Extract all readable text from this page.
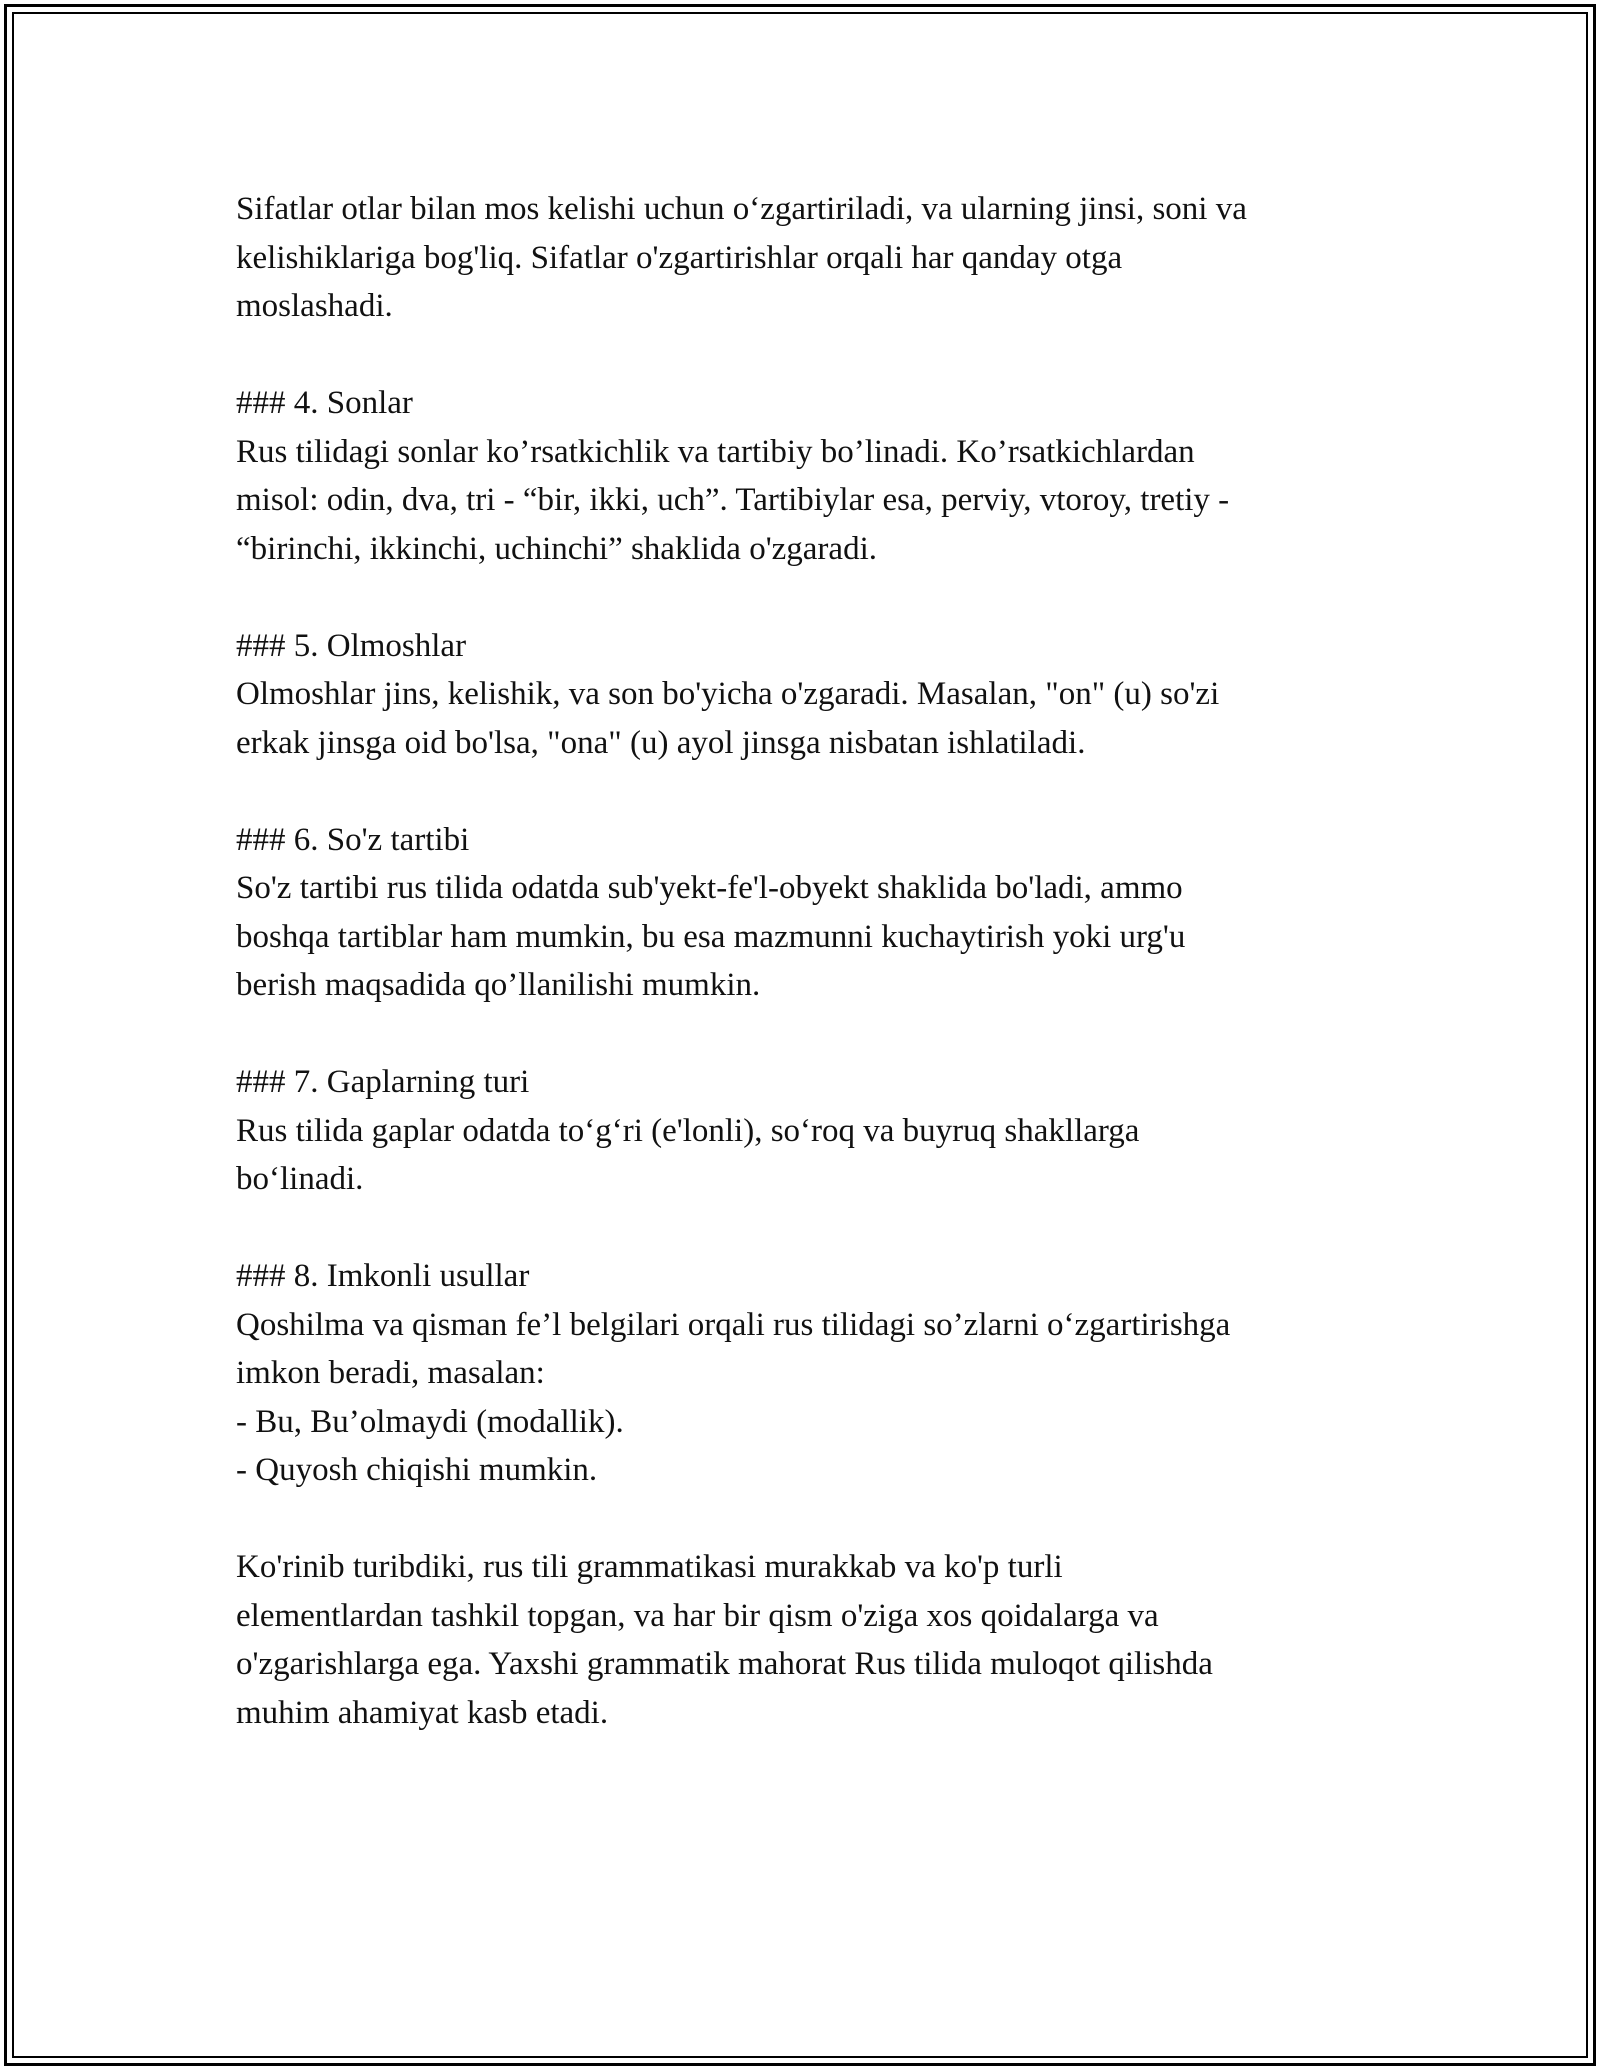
Sifatlar otlar bilan mos kelishi uchun o‘zgartiriladi, va ularning jinsi, soni va
kelishiklariga bog'liq. Sifatlar o'zgartirishlar orqali har qanday otga
moslashadi.
### 4. Sonlar
Rus tilidagi sonlar ko’rsatkichlik va tartibiy bo’linadi. Ko’rsatkichlardan
misol: odin, dva, tri - “bir, ikki, uch”. Tartibiylar esa, perviy, vtoroy, tretiy -
“birinchi, ikkinchi, uchinchi” shaklida o'zgaradi.
### 5. Olmoshlar
Olmoshlar jins, kelishik, va son bo'yicha o'zgaradi. Masalan, "on" (u) so'zi
erkak jinsga oid bo'lsa, "ona" (u) ayol jinsga nisbatan ishlatiladi.
### 6. So'z tartibi
So'z tartibi rus tilida odatda sub'yekt-fe'l-obyekt shaklida bo'ladi, ammo
boshqa tartiblar ham mumkin, bu esa mazmunni kuchaytirish yoki urg'u
berish maqsadida qo’llanilishi mumkin.
### 7. Gaplarning turi
Rus tilida gaplar odatda to‘g‘ri (e'lonli), so‘roq va buyruq shakllarga
bo‘linadi.
### 8. Imkonli usullar
Qoshilma va qisman fe’l belgilari orqali rus tilidagi so’zlarni o‘zgartirishga
imkon beradi, masalan:
- Bu, Bu’olmaydi (modallik).
- Quyosh chiqishi mumkin.
Ko'rinib turibdiki, rus tili grammatikasi murakkab va ko'p turli
elementlardan tashkil topgan, va har bir qism o'ziga xos qoidalarga va
o'zgarishlarga ega. Yaxshi grammatik mahorat Rus tilida muloqot qilishda
muhim ahamiyat kasb etadi.
